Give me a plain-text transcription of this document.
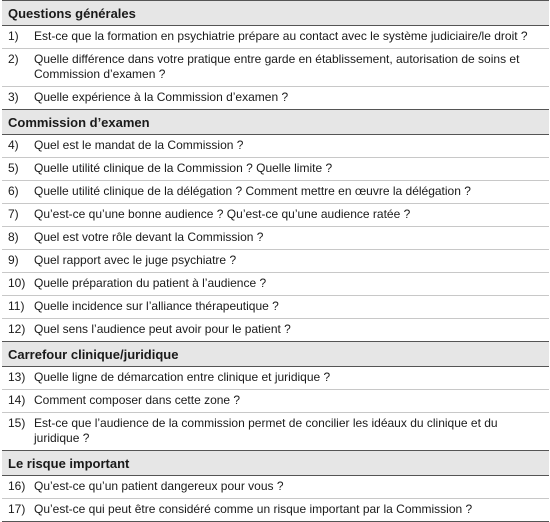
Questions générales
1)	Est-ce que la formation en psychiatrie prépare au contact avec le système judiciaire/le droit ?
2)	Quelle différence dans votre pratique entre garde en établissement, autorisation de soins et Commission d’examen ?
3)	Quelle expérience à la Commission d’examen ?
Commission d’examen
4)	Quel est le mandat de la Commission ?
5)	Quelle utilité clinique de la Commission ? Quelle limite ?
6)	Quelle utilité clinique de la délégation ? Comment mettre en œuvre la délégation ?
7)	Qu’est-ce qu’une bonne audience ? Qu’est-ce qu’une audience ratée ?
8)	Quel est votre rôle devant la Commission ?
9)	Quel rapport avec le juge psychiatre ?
10) Quelle préparation du patient à l’audience ?
11) Quelle incidence sur l’alliance thérapeutique ?
12) Quel sens l’audience peut avoir pour le patient ?
Carrefour clinique/juridique
13) Quelle ligne de démarcation entre clinique et juridique ?
14) Comment composer dans cette zone ?
15) Est-ce que l’audience de la commission permet de concilier les idéaux du clinique et du juridique ?
Le risque important
16) Qu’est-ce qu’un patient dangereux pour vous ?
17) Qu’est-ce qui peut être considéré comme un risque important par la Commission ?
